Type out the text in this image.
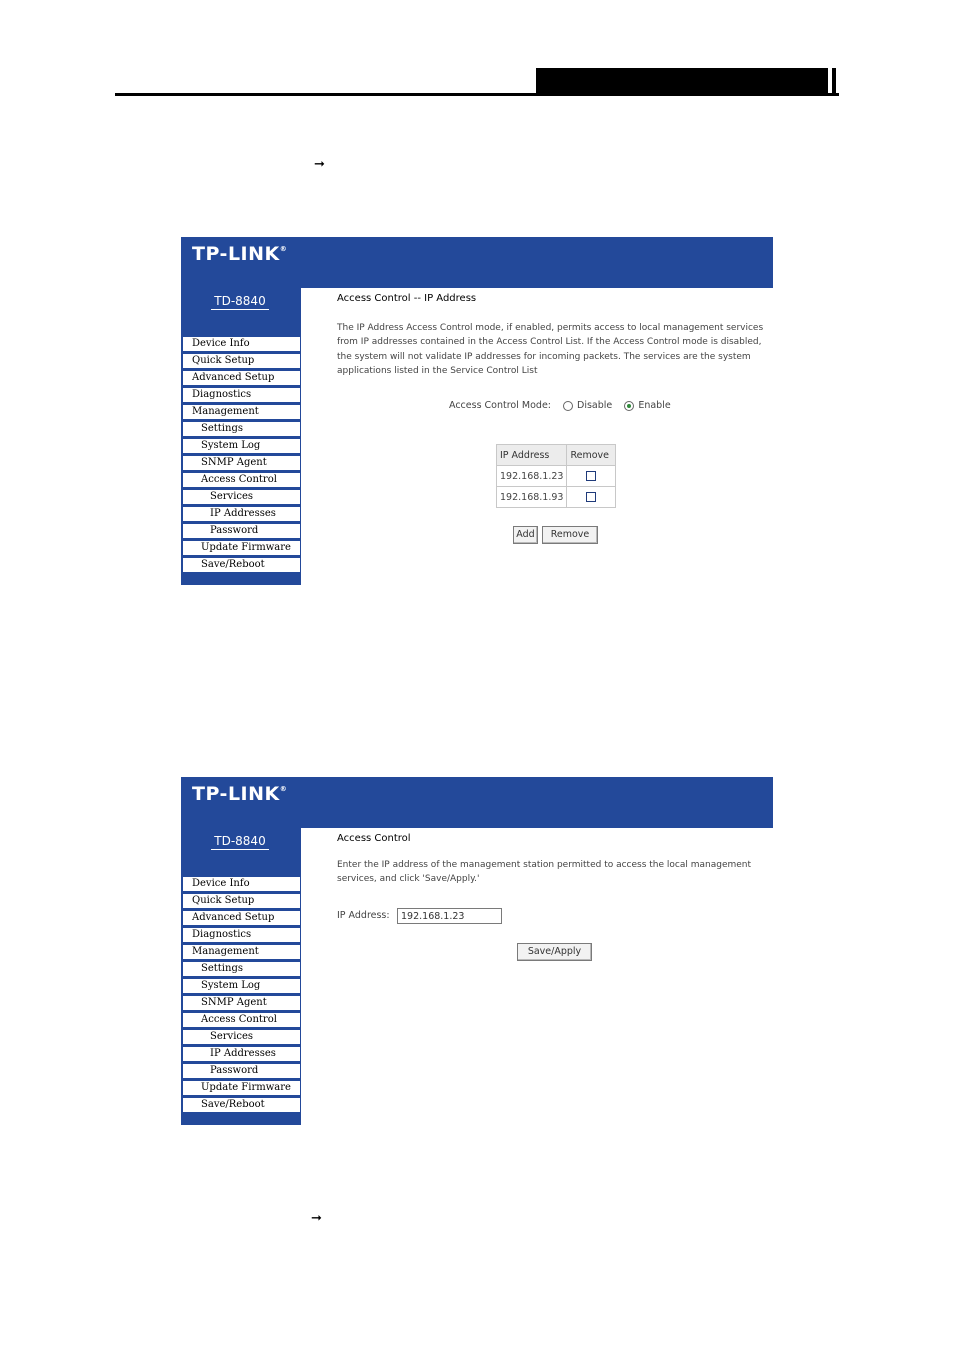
➞
TP-LINK®
TD-8840
Device Info
Quick Setup
Advanced Setup
Diagnostics
Management
Settings
System Log
SNMP Agent
Access Control
Services
IP Addresses
Password
Update Firmware
Save/Reboot

Access Control -- IP Address

The IP Address Access Control mode, if enabled, permits access to local management services from IP addresses contained in the Access Control List. If the Access Control mode is disabled, the system will not validate IP addresses for incoming packets. The services are the system applications listed in the Service Control List

Access Control Mode:	Disable	Enable
IP Address	Remove
192.168.1.23	
192.168.1.93	
Add	Remove
TP-LINK®
TD-8840
Device Info
Quick Setup
Advanced Setup
Diagnostics
Management
Settings
System Log
SNMP Agent
Access Control
Services
IP Addresses
Password
Update Firmware
Save/Reboot

Access Control

Enter the IP address of the management station permitted to access the local management services, and click 'Save/Apply.'

IP Address:	192.168.1.23
Save/Apply
➞
